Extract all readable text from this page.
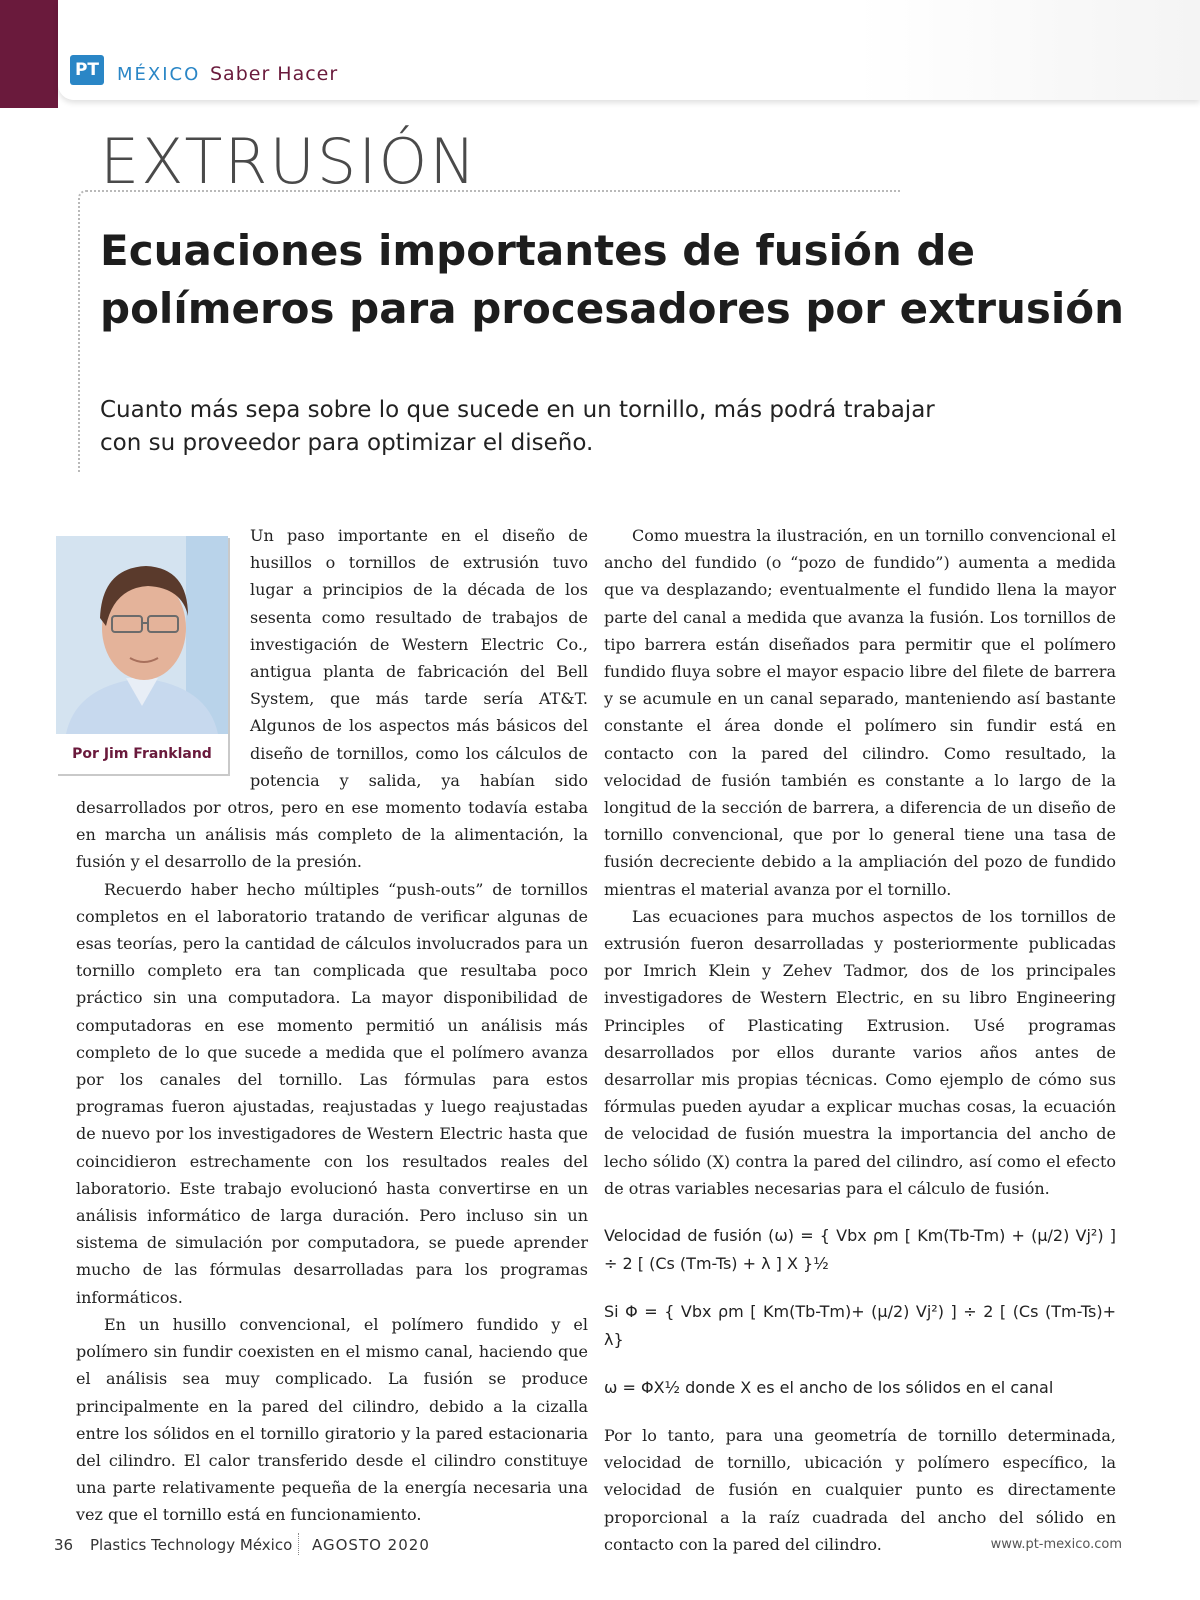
PT MÉXICO Saber Hacer
EXTRUSIÓN
Ecuaciones importantes de fusión de polímeros para procesadores por extrusión

Cuanto más sepa sobre lo que sucede en un tornillo, más podrá trabajar con su proveedor para optimizar el diseño.

Por Jim Frankland

Un paso importante en el diseño de husillos o tornillos de extrusión tuvo lugar a principios de la década de los sesenta como resultado de trabajos de investigación de Western Electric Co., antigua planta de fabricación del Bell System, que más tarde sería AT&T. Algunos de los aspectos más básicos del diseño de tornillos, como los cálculos de potencia y salida, ya habían sido desarrollados por otros, pero en ese momento todavía estaba en marcha un análisis más completo de la alimentación, la fusión y el desarrollo de la presión.

Recuerdo haber hecho múltiples “push-outs” de tornillos completos en el laboratorio tratando de verificar algunas de esas teorías, pero la cantidad de cálculos involucrados para un tornillo completo era tan complicada que resultaba poco práctico sin una computadora. La mayor disponibilidad de computadoras en ese momento permitió un análisis más completo de lo que sucede a medida que el polímero avanza por los canales del tornillo. Las fórmulas para estos programas fueron ajustadas, reajustadas y luego reajustadas de nuevo por los investigadores de Western Electric hasta que coincidieron estrechamente con los resultados reales del laboratorio. Este trabajo evolucionó hasta convertirse en un análisis informático de larga duración. Pero incluso sin un sistema de simulación por computadora, se puede aprender mucho de las fórmulas desarrolladas para los programas informáticos.

En un husillo convencional, el polímero fundido y el polímero sin fundir coexisten en el mismo canal, haciendo que el análisis sea muy complicado. La fusión se produce principalmente en la pared del cilindro, debido a la cizalla entre los sólidos en el tornillo giratorio y la pared estacionaria del cilindro. El calor transferido desde el cilindro constituye una parte relativamente pequeña de la energía necesaria una vez que el tornillo está en funcionamiento.

Como muestra la ilustración, en un tornillo convencional el ancho del fundido (o “pozo de fundido”) aumenta a medida que va desplazando; eventualmente el fundido llena la mayor parte del canal a medida que avanza la fusión. Los tornillos de tipo barrera están diseñados para permitir que el polímero fundido fluya sobre el mayor espacio libre del filete de barrera y se acumule en un canal separado, manteniendo así bastante constante el área donde el polímero sin fundir está en contacto con la pared del cilindro. Como resultado, la velocidad de fusión también es constante a lo largo de la longitud de la sección de barrera, a diferencia de un diseño de tornillo convencional, que por lo general tiene una tasa de fusión decreciente debido a la ampliación del pozo de fundido mientras el material avanza por el tornillo.

Las ecuaciones para muchos aspectos de los tornillos de extrusión fueron desarrolladas y posteriormente publicadas por Imrich Klein y Zehev Tadmor, dos de los principales investigadores de Western Electric, en su libro Engineering Principles of Plasticating Extrusion. Usé programas desarrollados por ellos durante varios años antes de desarrollar mis propias técnicas. Como ejemplo de cómo sus fórmulas pueden ayudar a explicar muchas cosas, la ecuación de velocidad de fusión muestra la importancia del ancho de lecho sólido (X) contra la pared del cilindro, así como el efecto de otras variables necesarias para el cálculo de fusión.

Velocidad de fusión (ω) = { Vbx ρm [ Km(Tb-Tm) + (μ/2) Vj²) ] ÷ 2 [ (Cs (Tm-Ts) + λ ] X }½

Si Φ = { Vbx ρm [ Km(Tb-Tm)+ (μ/2) Vj²) ] ÷ 2 [ (Cs (Tm-Ts)+ λ}

ω = ΦX½ donde X es el ancho de los sólidos en el canal

Por lo tanto, para una geometría de tornillo determinada, velocidad de tornillo, ubicación y polímero específico, la velocidad de fusión en cualquier punto es directamente proporcional a la raíz cuadrada del ancho del sólido en contacto con la pared del cilindro.

36 Plastics Technology México AGOSTO 2020	www.pt-mexico.com
